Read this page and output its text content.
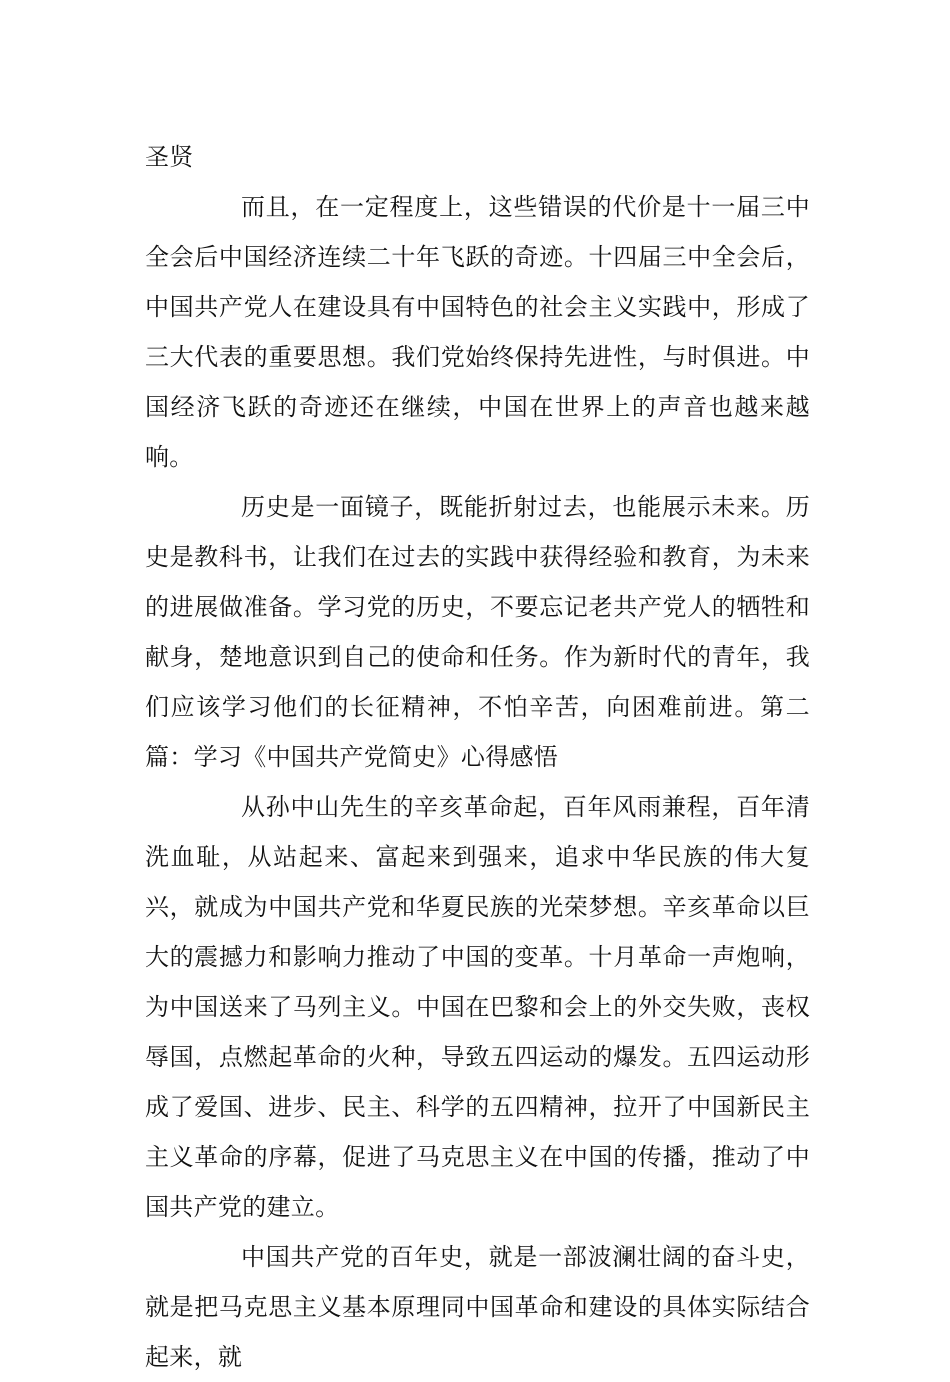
圣贤

而且，在一定程度上，这些错误的代价是十一届三中全会后中国经济连续二十年飞跃的奇迹。十四届三中全会后，中国共产党人在建设具有中国特色的社会主义实践中，形成了三大代表的重要思想。我们党始终保持先进性，与时俱进。中国经济飞跃的奇迹还在继续，中国在世界上的声音也越来越响。

历史是一面镜子，既能折射过去，也能展示未来。历史是教科书，让我们在过去的实践中获得经验和教育，为未来的进展做准备。学习党的历史，不要忘记老共产党人的牺牲和献身，楚地意识到自己的使命和任务。作为新时代的青年，我们应该学习他们的长征精神，不怕辛苦，向困难前进。第二篇：学习《中国共产党简史》心得感悟

从孙中山先生的辛亥革命起，百年风雨兼程，百年清洗血耻，从站起来、富起来到强来，追求中华民族的伟大复兴，就成为中国共产党和华夏民族的光荣梦想。辛亥革命以巨大的震撼力和影响力推动了中国的变革。十月革命一声炮响，为中国送来了马列主义。中国在巴黎和会上的外交失败，丧权辱国，点燃起革命的火种，导致五四运动的爆发。五四运动形成了爱国、进步、民主、科学的五四精神，拉开了中国新民主主义革命的序幕，促进了马克思主义在中国的传播，推动了中国共产党的建立。

中国共产党的百年史，就是一部波澜壮阔的奋斗史，就是把马克思主义基本原理同中国革命和建设的具体实际结合起来，就
